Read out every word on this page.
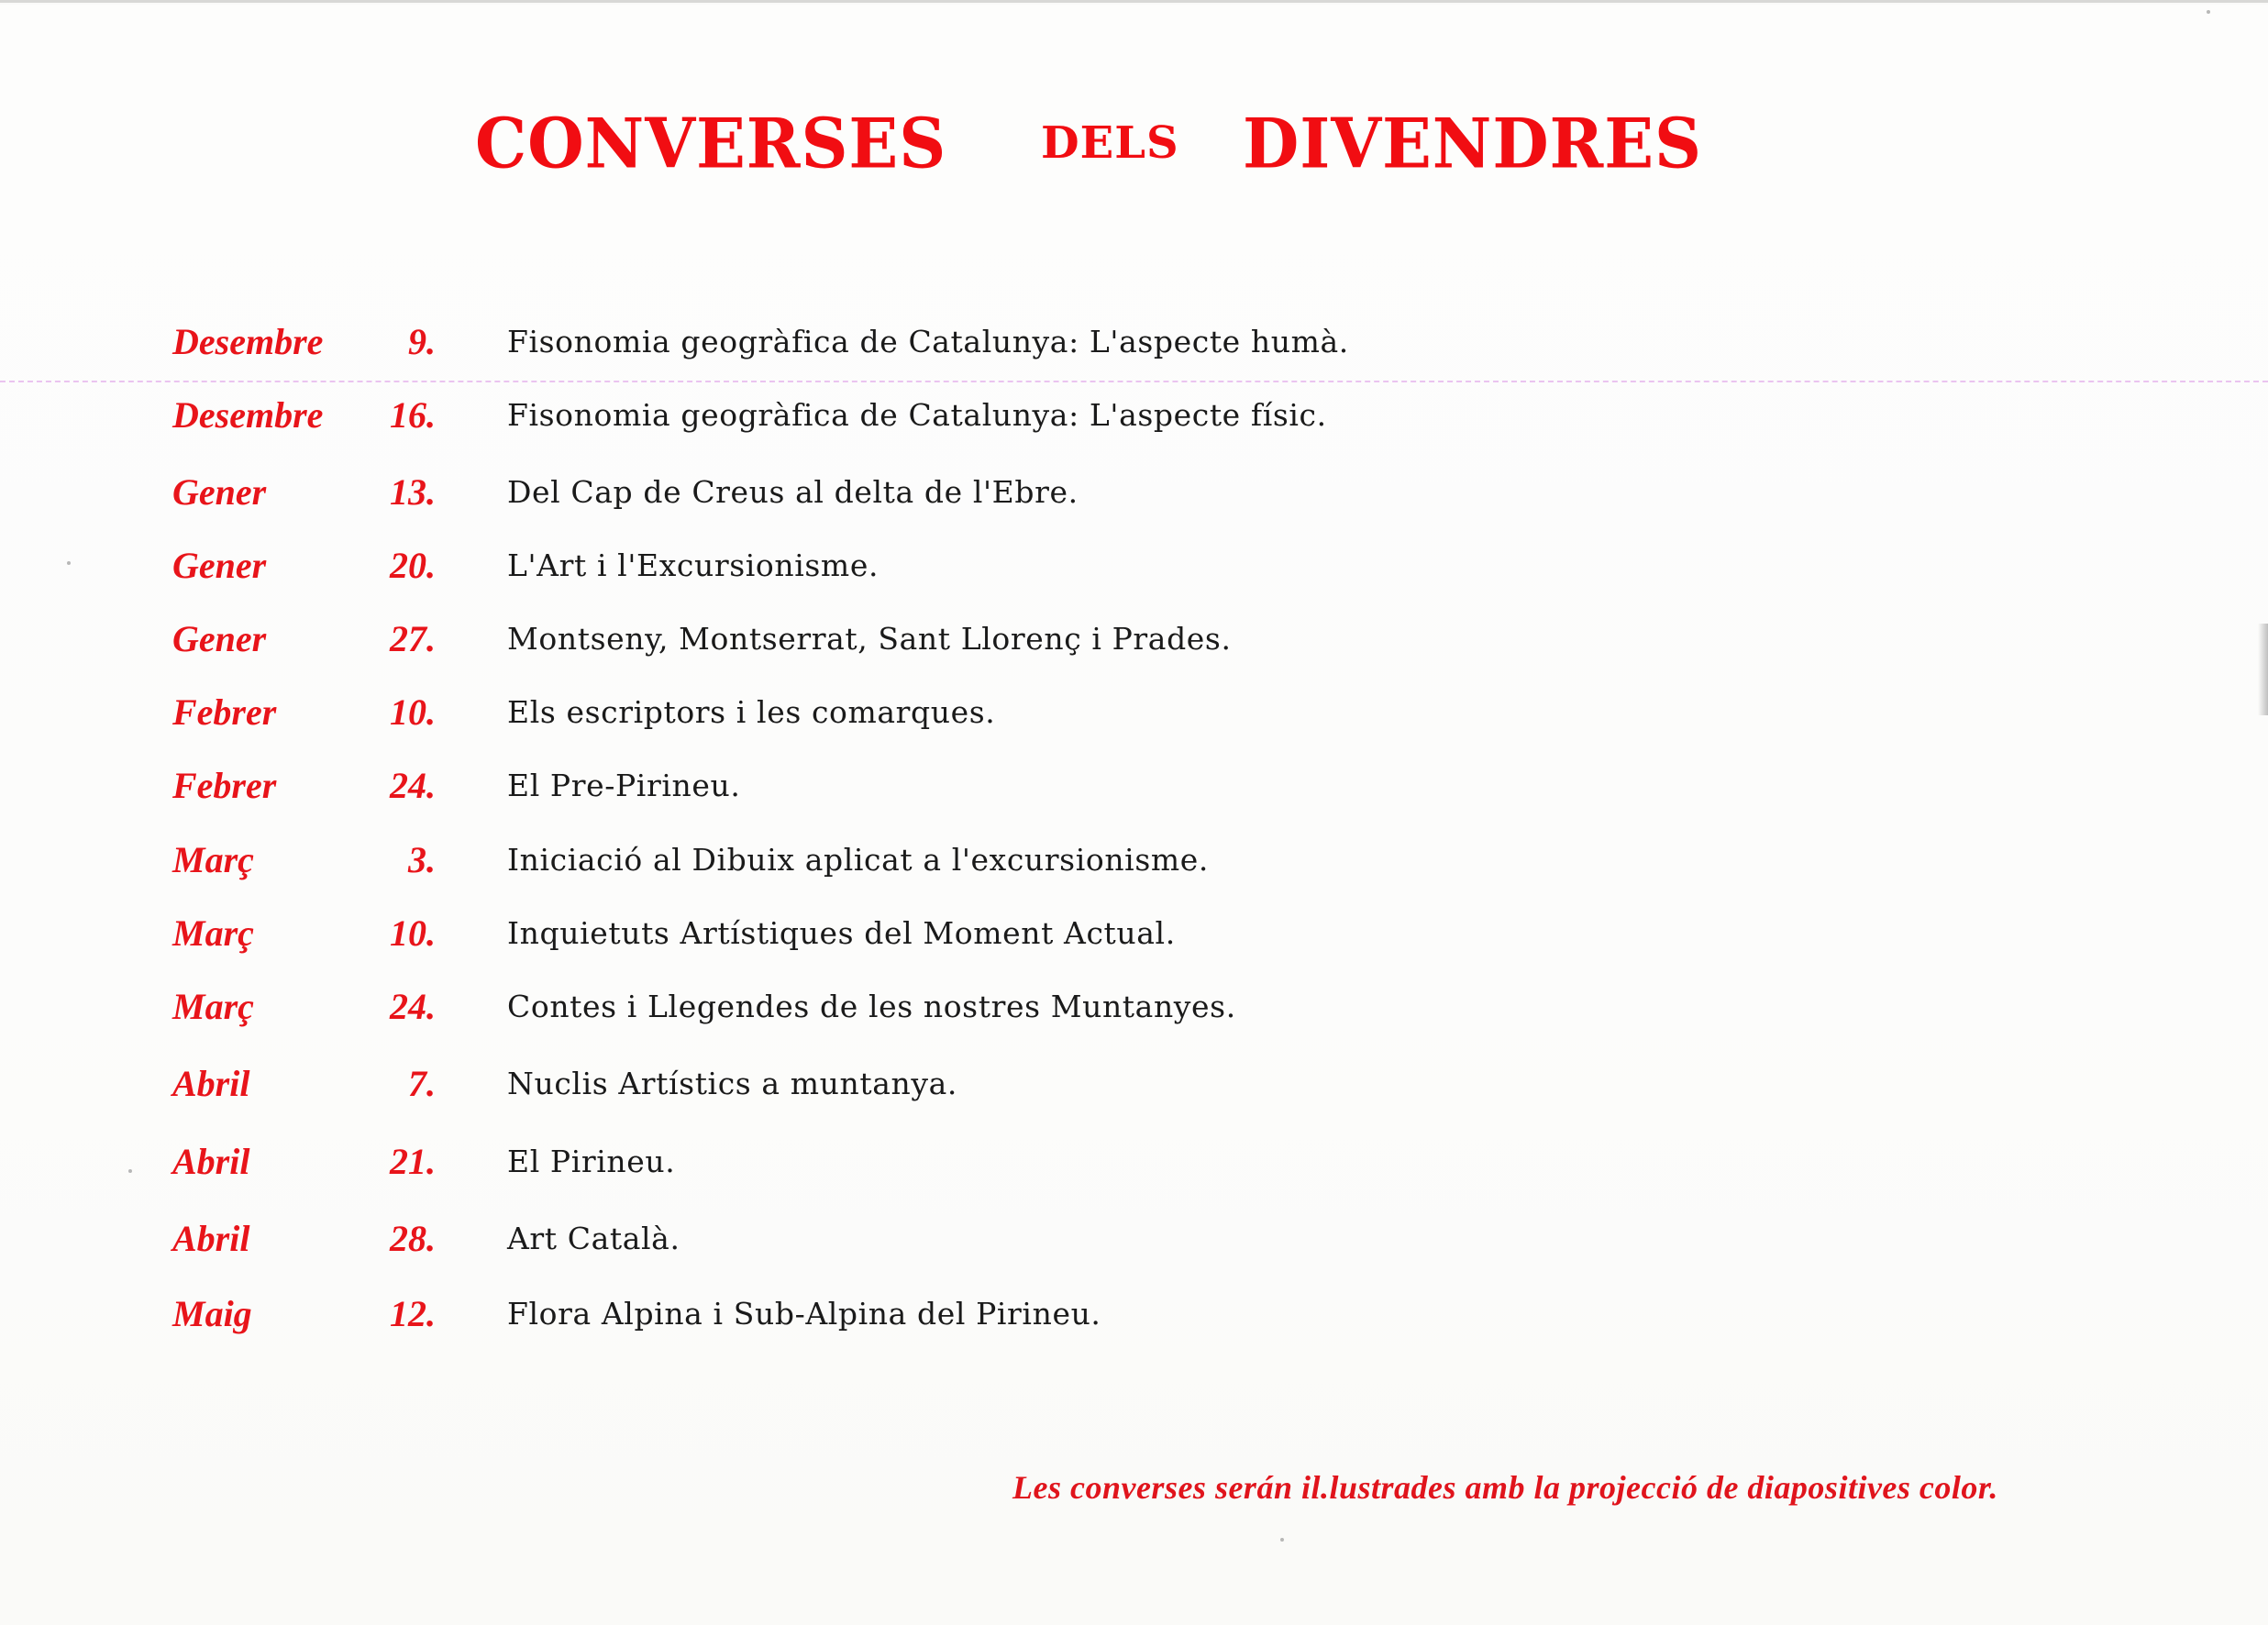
CONVERSES DELS DIVENDRES
Desembre	9. Fisonomia geogràfica de Catalunya: L'aspecte humà.
Desembre	16. Fisonomia geogràfica de Catalunya: L'aspecte físic.
Gener	13. Del Cap de Creus al delta de l'Ebre.
Gener	20. L'Art i l'Excursionisme.
Gener	27. Montseny, Montserrat, Sant Llorenç i Prades.
Febrer	10. Els escriptors i les comarques.
Febrer	24. El Pre-Pirineu.
Març	3. Iniciació al Dibuix aplicat a l'excursionisme.
Març	10. Inquietuts Artístiques del Moment Actual.
Març	24. Contes i Llegendes de les nostres Muntanyes.
Abril	7. Nuclis Artístics a muntanya.
Abril	21. El Pirineu.
Abril	28. Art Català.
Maig	12. Flora Alpina i Sub-Alpina del Pirineu.
Les converses serán il.lustrades amb la projecció de diapositives color.
